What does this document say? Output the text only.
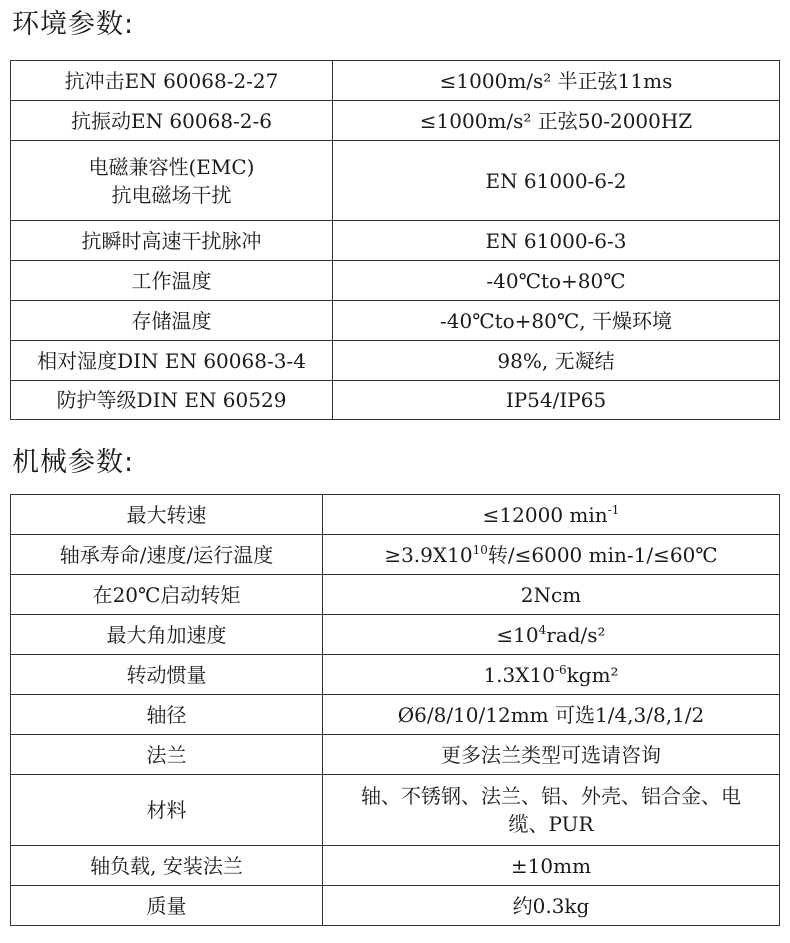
环境参数:
抗冲击EN 60068-2-27	≤1000m/s² 半正弦11ms
抗振动EN 60068-2-6	≤1000m/s² 正弦50-2000HZ
电磁兼容性(EMC)
抗电磁场干扰	EN 61000-6-2
抗瞬时高速干扰脉冲	EN 61000-6-3
工作温度	-40℃to+80℃
存储温度	-40℃to+80℃, 干燥环境
相对湿度DIN EN 60068-3-4	98%, 无凝结
防护等级DIN EN 60529	IP54/IP65
机械参数:
最大转速	≤12000 $\min^{-1}$
轴承寿命/速度/运行温度	$\ge 3.9X10^{10}$转/≤6000 min-1/≤60℃
在20℃启动转矩	2Ncm
最大角加速度	$\le 10^4rad/s^2$
转动惯量	$1.3X10^{-6}kgm^2$
轴径	Ø6/8/10/12mm 可选1/4,3/8,1/2
法兰	更多法兰类型可选请咨询
材料	轴、不锈钢、法兰、铝、外壳、铝合金、电缆、PUR
轴负载, 安装法兰	±10mm
质量	约0.3kg
